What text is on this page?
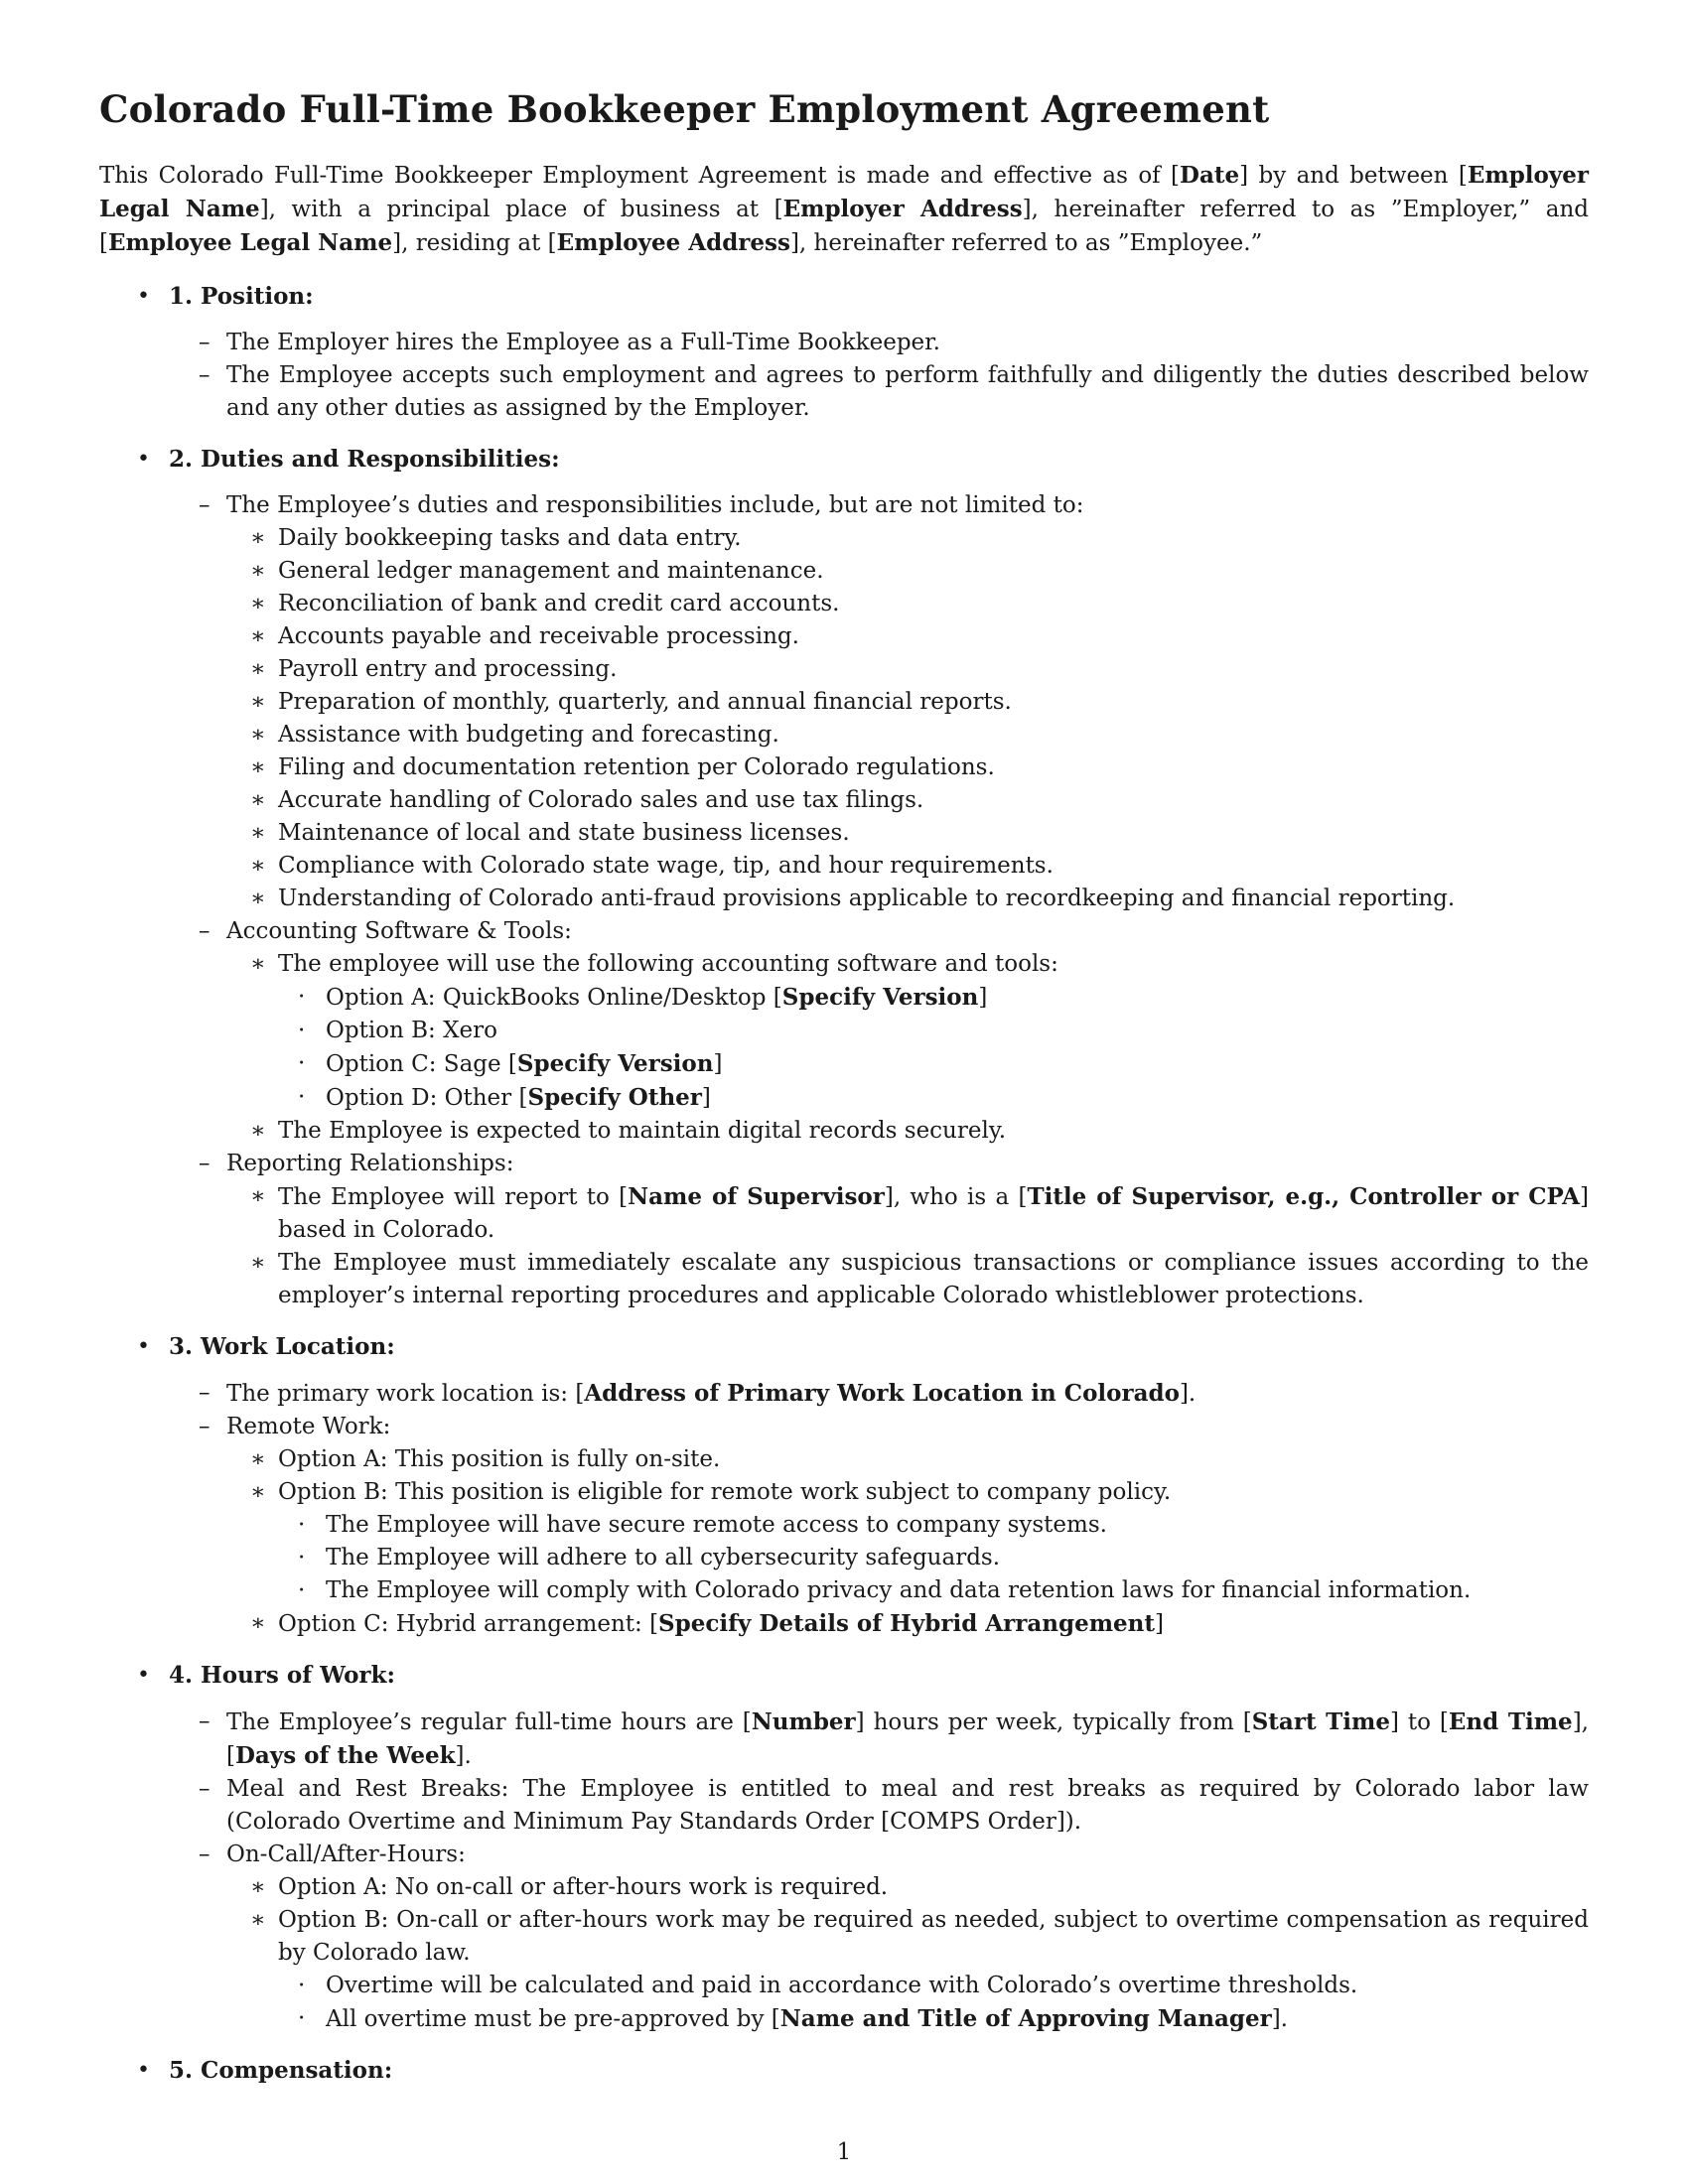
Colorado Full-Time Bookkeeper Employment Agreement

This Colorado Full-Time Bookkeeper Employment Agreement is made and effective as of [Date] by and between [Employer Legal Name], with a principal place of business at [Employer Address], hereinafter referred to as ”Employer,” and [Employee Legal Name], residing at [Employee Address], hereinafter referred to as ”Employee.”

• 1. Position:
– The Employer hires the Employee as a Full-Time Bookkeeper.
– The Employee accepts such employment and agrees to perform faithfully and diligently the duties described below and any other duties as assigned by the Employer.
• 2. Duties and Responsibilities:
– The Employee’s duties and responsibilities include, but are not limited to:
∗ Daily bookkeeping tasks and data entry.
∗ General ledger management and maintenance.
∗ Reconciliation of bank and credit card accounts.
∗ Accounts payable and receivable processing.
∗ Payroll entry and processing.
∗ Preparation of monthly, quarterly, and annual financial reports.
∗ Assistance with budgeting and forecasting.
∗ Filing and documentation retention per Colorado regulations.
∗ Accurate handling of Colorado sales and use tax filings.
∗ Maintenance of local and state business licenses.
∗ Compliance with Colorado state wage, tip, and hour requirements.
∗ Understanding of Colorado anti-fraud provisions applicable to recordkeeping and financial reporting.
– Accounting Software & Tools:
∗ The employee will use the following accounting software and tools:
· Option A: QuickBooks Online/Desktop [Specify Version]
· Option B: Xero
· Option C: Sage [Specify Version]
· Option D: Other [Specify Other]
∗ The Employee is expected to maintain digital records securely.
– Reporting Relationships:
∗ The Employee will report to [Name of Supervisor], who is a [Title of Supervisor, e.g., Controller or CPA] based in Colorado.
∗ The Employee must immediately escalate any suspicious transactions or compliance issues according to the employer’s internal reporting procedures and applicable Colorado whistleblower protections.
• 3. Work Location:
– The primary work location is: [Address of Primary Work Location in Colorado].
– Remote Work:
∗ Option A: This position is fully on-site.
∗ Option B: This position is eligible for remote work subject to company policy.
· The Employee will have secure remote access to company systems.
· The Employee will adhere to all cybersecurity safeguards.
· The Employee will comply with Colorado privacy and data retention laws for financial information.
∗ Option C: Hybrid arrangement: [Specify Details of Hybrid Arrangement]
• 4. Hours of Work:
– The Employee’s regular full-time hours are [Number] hours per week, typically from [Start Time] to [End Time], [Days of the Week].
– Meal and Rest Breaks: The Employee is entitled to meal and rest breaks as required by Colorado labor law (Colorado Overtime and Minimum Pay Standards Order [COMPS Order]).
– On-Call/After-Hours:
∗ Option A: No on-call or after-hours work is required.
∗ Option B: On-call or after-hours work may be required as needed, subject to overtime compensation as required by Colorado law.
· Overtime will be calculated and paid in accordance with Colorado’s overtime thresholds.
· All overtime must be pre-approved by [Name and Title of Approving Manager].
• 5. Compensation:
1
